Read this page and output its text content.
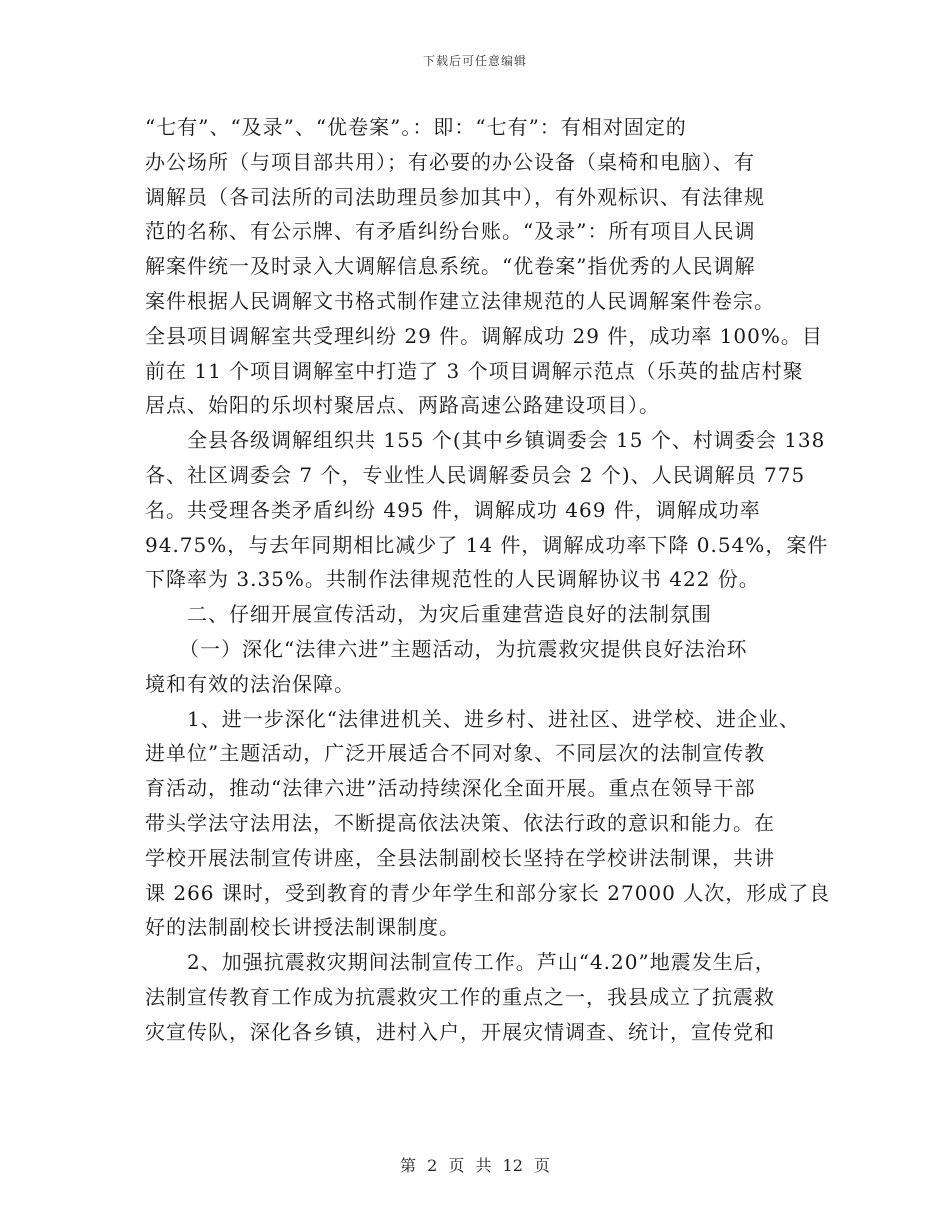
下载后可任意编辑
“七有”、“及录”、“优卷案”。：即：“七有”：有相对固定的
办公场所（与项目部共用）；有必要的办公设备（桌椅和电脑）、有
调解员（各司法所的司法助理员参加其中），有外观标识、有法律规
范的名称、有公示牌、有矛盾纠纷台账。“及录”：所有项目人民调
解案件统一及时录入大调解信息系统。“优卷案”指优秀的人民调解
案件根据人民调解文书格式制作建立法律规范的人民调解案件卷宗。
全县项目调解室共受理纠纷 29 件。调解成功 29 件，成功率 100%。目
前在 11 个项目调解室中打造了 3 个项目调解示范点（乐英的盐店村聚
居点、始阳的乐坝村聚居点、两路高速公路建设项目）。
全县各级调解组织共 155 个(其中乡镇调委会 15 个、村调委会 138
各、社区调委会 7 个，专业性人民调解委员会 2 个)、人民调解员 775
名。共受理各类矛盾纠纷 495 件，调解成功 469 件，调解成功率
94.75%，与去年同期相比减少了 14 件，调解成功率下降 0.54%，案件
下降率为 3.35%。共制作法律规范性的人民调解协议书 422 份。
二、仔细开展宣传活动，为灾后重建营造良好的法制氛围
（一）深化“法律六进”主题活动，为抗震救灾提供良好法治环
境和有效的法治保障。
1、进一步深化“法律进机关、进乡村、进社区、进学校、进企业、
进单位”主题活动，广泛开展适合不同对象、不同层次的法制宣传教
育活动，推动“法律六进”活动持续深化全面开展。重点在领导干部
带头学法守法用法，不断提高依法决策、依法行政的意识和能力。在
学校开展法制宣传讲座，全县法制副校长坚持在学校讲法制课，共讲
课 266 课时，受到教育的青少年学生和部分家长 27000 人次，形成了良
好的法制副校长讲授法制课制度。
2、加强抗震救灾期间法制宣传工作。芦山“4.20”地震发生后，
法制宣传教育工作成为抗震救灾工作的重点之一，我县成立了抗震救
灾宣传队，深化各乡镇，进村入户，开展灾情调查、统计，宣传党和
第 2 页 共 12 页
